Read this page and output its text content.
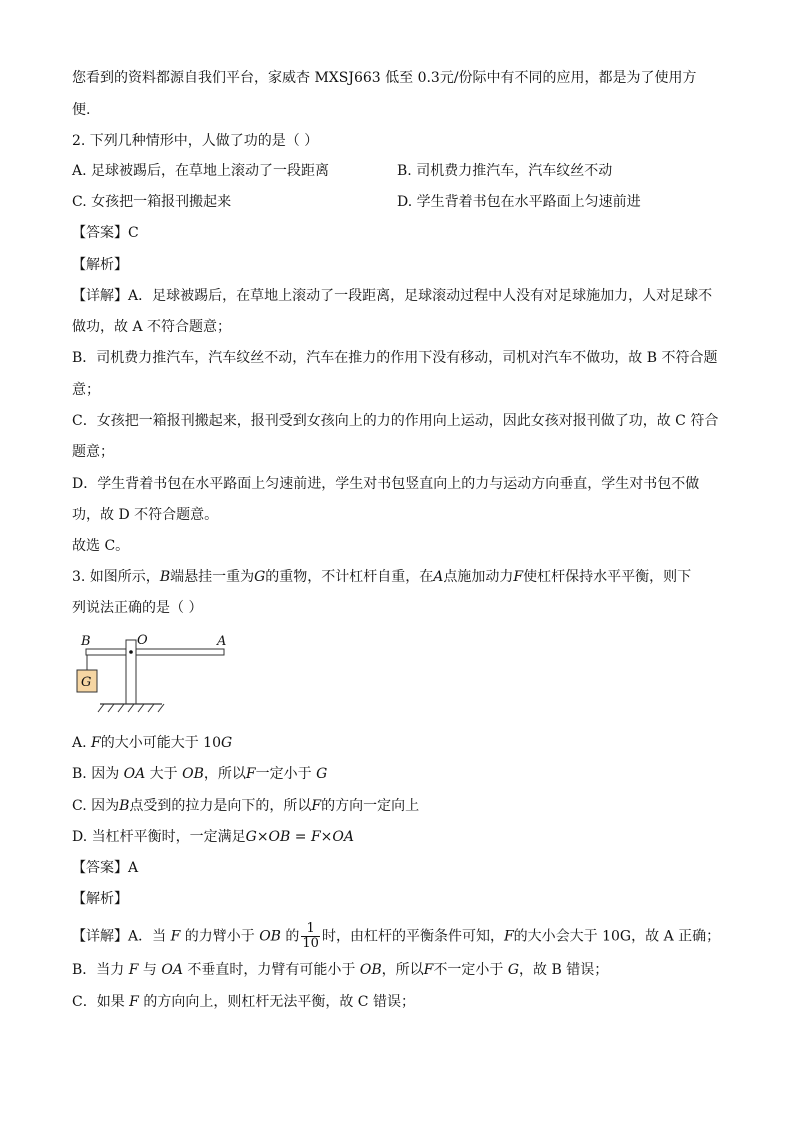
您看到的资料都源自我们平台，家威杏 MXSJ663 低至 0.3元/份际中有不同的应用，都是为了使用方
便.
2. 下列几种情形中，人做了功的是（ ）
A. 足球被踢后，在草地上滚动了一段距离	B. 司机费力推汽车，汽车纹丝不动
C. 女孩把一箱报刊搬起来	D. 学生背着书包在水平路面上匀速前进
【答案】C
【解析】
【详解】A．足球被踢后，在草地上滚动了一段距离，足球滚动过程中人没有对足球施加力，人对足球不
做功，故 A 不符合题意；
B．司机费力推汽车，汽车纹丝不动，汽车在推力的作用下没有移动，司机对汽车不做功，故 B 不符合题
意；
C．女孩把一箱报刊搬起来，报刊受到女孩向上的力的作用向上运动，因此女孩对报刊做了功，故 C 符合
题意；
D．学生背着书包在水平路面上匀速前进，学生对书包竖直向上的力与运动方向垂直，学生对书包不做
功，故 D 不符合题意。
故选 C。
3. 如图所示，B端悬挂一重为G的重物，不计杠杆自重，在A点施加动力F使杠杆保持水平平衡，则下
列说法正确的是（ ）
B	O	A
G
A. F的大小可能大于 10G
B. 因为 OA 大于 OB，所以F一定小于 G
C. 因为B点受到的拉力是向下的，所以F的方向一定向上
D. 当杠杆平衡时，一定满足G×OB = F×OA
【答案】A
【解析】
【详解】A．当 F 的力臂小于 OB 的 $\frac{1}{10}$ 时，由杠杆的平衡条件可知，F的大小会大于 10G，故 A 正确；
B．当力 F 与 OA 不垂直时，力臂有可能小于 OB，所以F不一定小于 G，故 B 错误；
C．如果 F 的方向向上，则杠杆无法平衡，故 C 错误；
